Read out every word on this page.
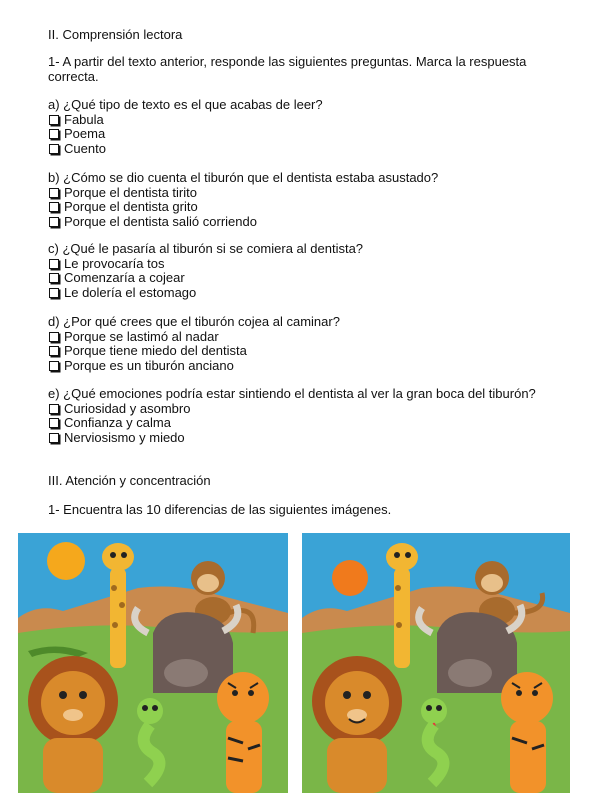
II. Comprensión lectora
1- A partir del texto anterior, responde las siguientes preguntas. Marca la respuesta
correcta.
a) ¿Qué tipo de texto es el que acabas de leer?
Fabula
Poema
Cuento
b) ¿Cómo se dio cuenta el tiburón que el dentista estaba asustado?
Porque el dentista tirito
Porque el dentista grito
Porque el dentista salió corriendo
c) ¿Qué le pasaría al tiburón si se comiera al dentista?
Le provocaría tos
Comenzaría a cojear
Le dolería el estomago
d) ¿Por qué crees que el tiburón cojea al caminar?
Porque se lastimó al nadar
Porque tiene miedo del dentista
Porque es un tiburón anciano
e) ¿Qué emociones podría estar sintiendo el dentista al ver la gran boca del tiburón?
Curiosidad y asombro
Confianza y calma
Nerviosismo y miedo
III. Atención y concentración
1- Encuentra las 10 diferencias de las siguientes imágenes.
